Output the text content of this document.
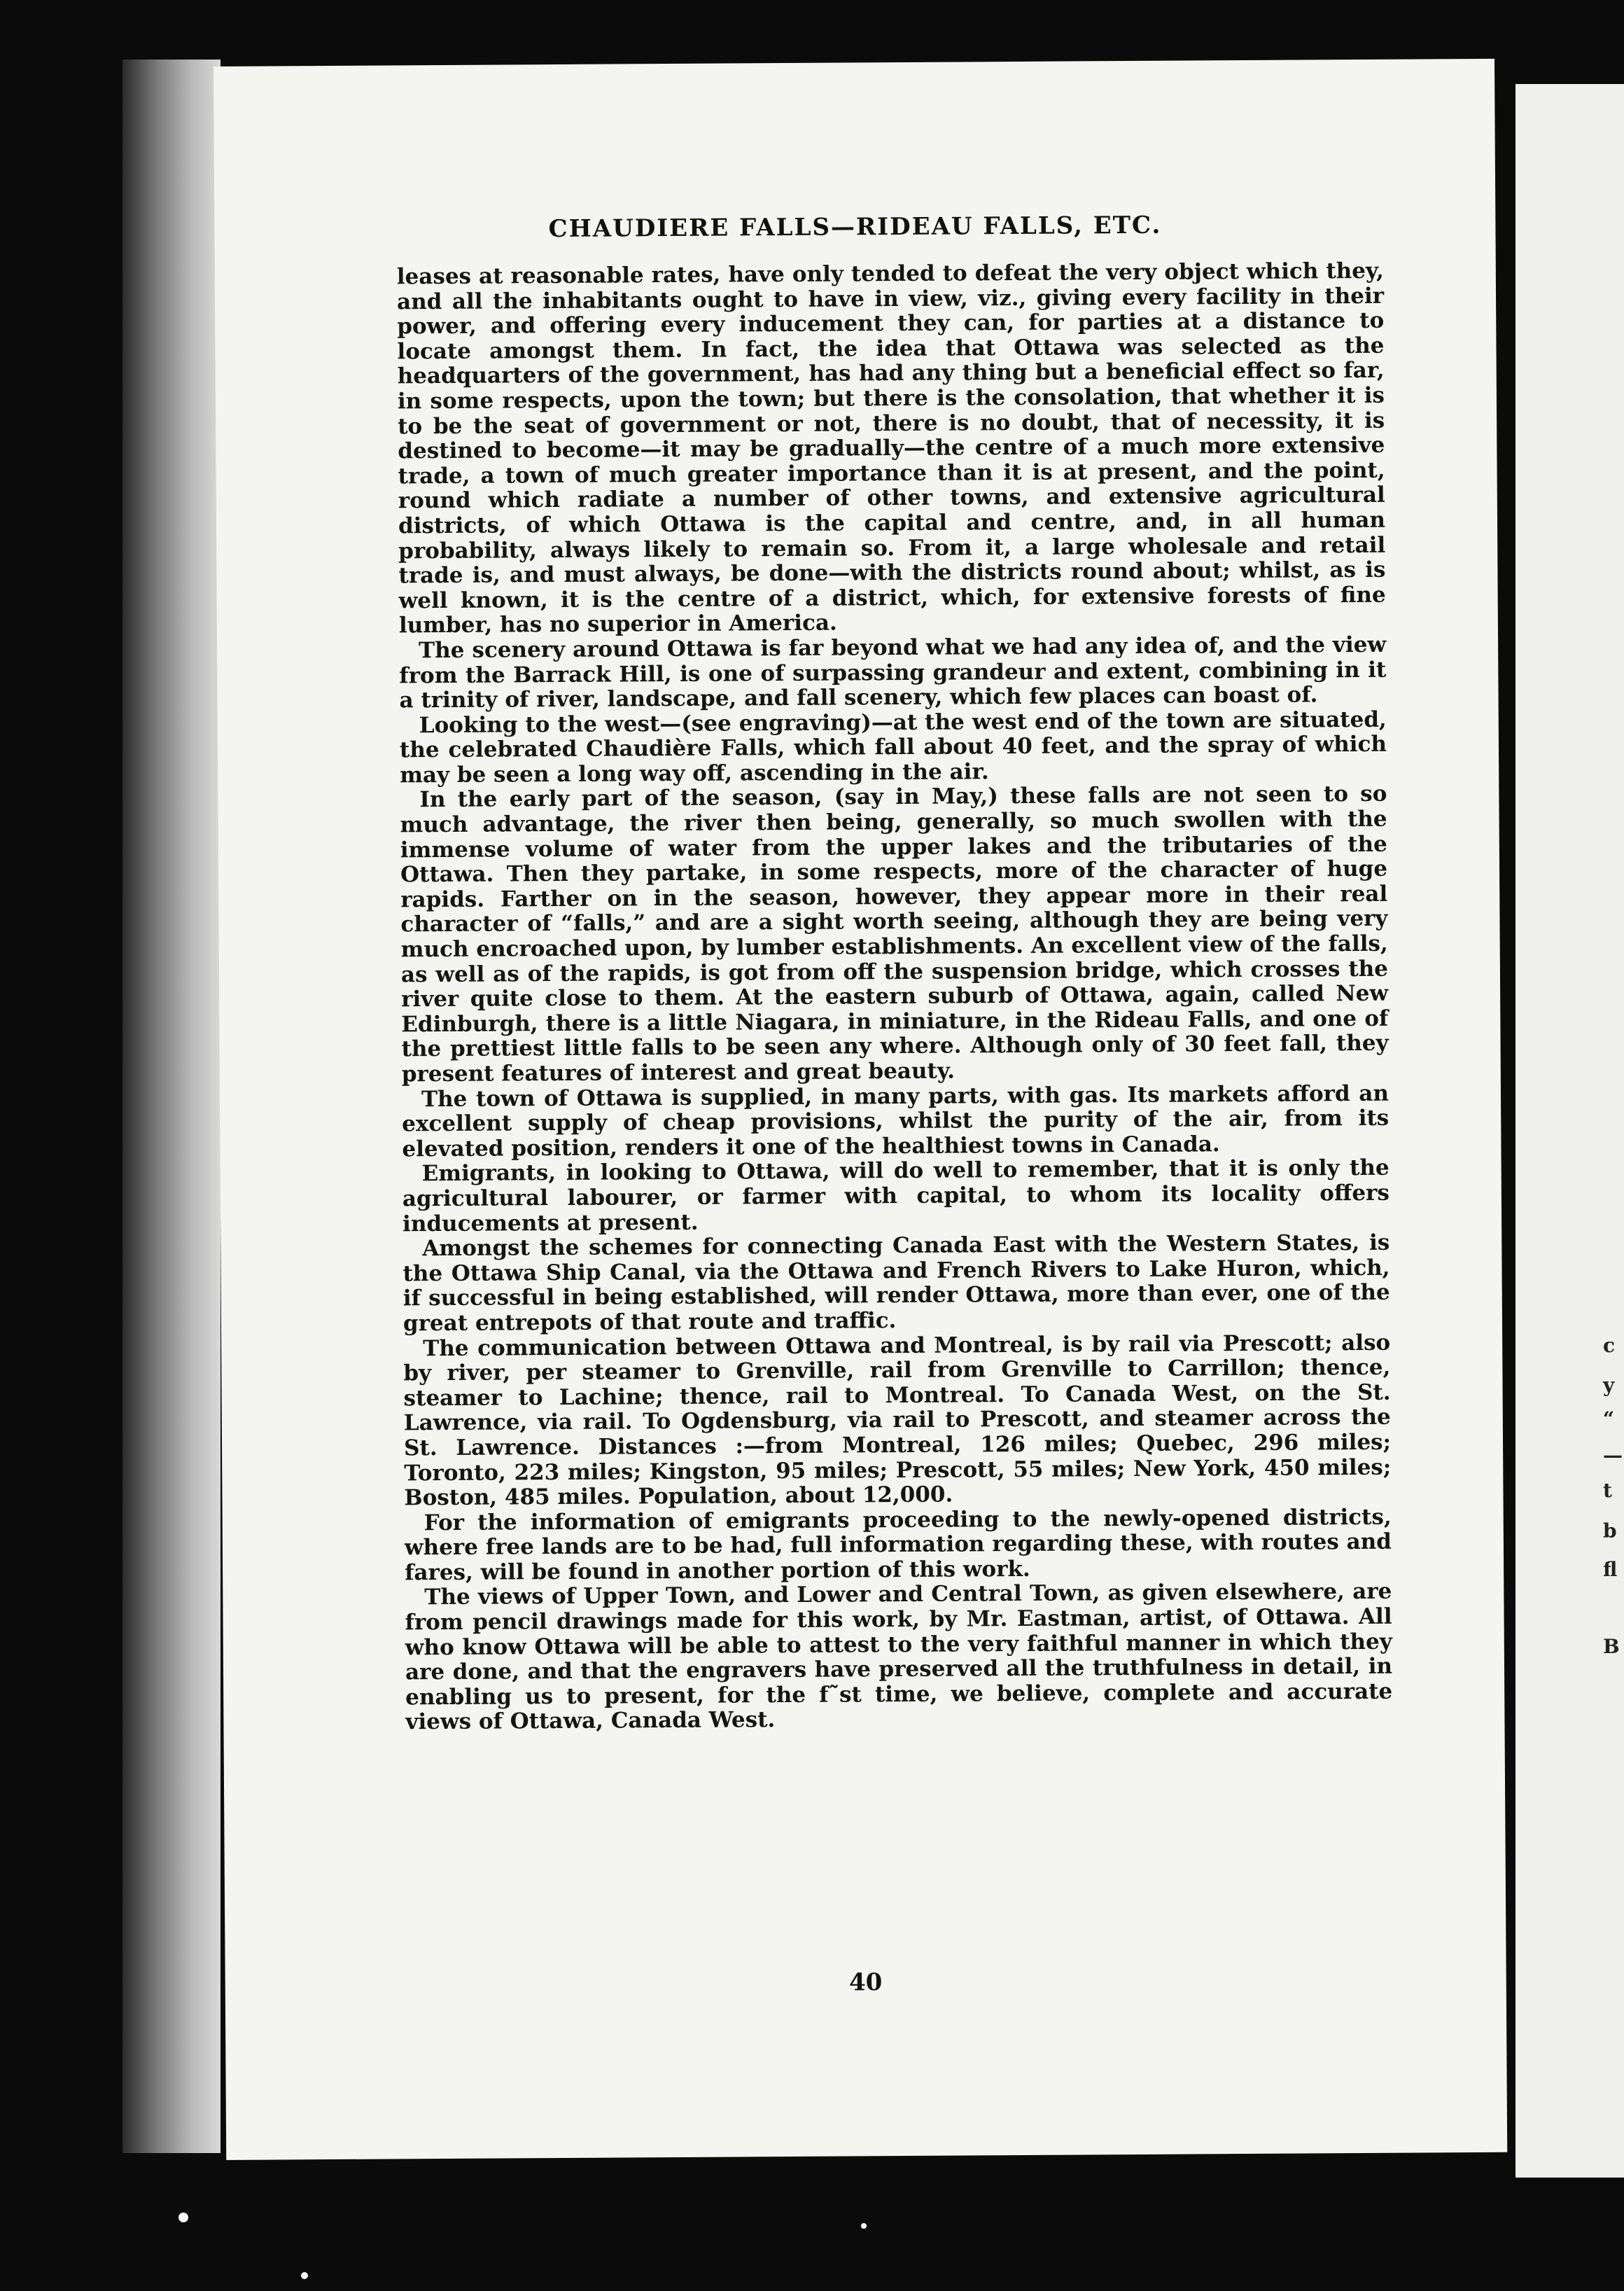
c
y
“
—
t
b
fl
B
CHAUDIERE FALLS—RIDEAU FALLS, ETC.

leases at reasonable rates, have only tended to defeat the very object which they, and all the inhabitants ought to have in view, viz., giving every facility in their power, and offering every inducement they can, for parties at a distance to locate amongst them. In fact, the idea that Ottawa was selected as the headquarters of the government, has had any thing but a beneficial effect so far, in some respects, upon the town; but there is the consolation, that whether it is to be the seat of government or not, there is no doubt, that of necessity, it is destined to become—it may be gradually—the centre of a much more extensive trade, a town of much greater importance than it is at present, and the point, round which radiate a number of other towns, and extensive agricultural districts, of which Ottawa is the capital and centre, and, in all human probability, always likely to remain so. From it, a large wholesale and retail trade is, and must always, be done—with the districts round about; whilst, as is well known, it is the centre of a district, which, for extensive forests of fine lumber, has no superior in America.

The scenery around Ottawa is far beyond what we had any idea of, and the view from the Barrack Hill, is one of surpassing grandeur and extent, combining in it a trinity of river, landscape, and fall scenery, which few places can boast of.

Looking to the west—(see engraving)—at the west end of the town are situated, the celebrated Chaudière Falls, which fall about 40 feet, and the spray of which may be seen a long way off, ascending in the air.

In the early part of the season, (say in May,) these falls are not seen to so much advantage, the river then being, generally, so much swollen with the immense volume of water from the upper lakes and the tributaries of the Ottawa. Then they partake, in some respects, more of the character of huge rapids. Farther on in the season, however, they appear more in their real character of “falls,” and are a sight worth seeing, although they are being very much encroached upon, by lumber establishments. An excellent view of the falls, as well as of the rapids, is got from off the suspension bridge, which crosses the river quite close to them. At the eastern suburb of Ottawa, again, called New Edinburgh, there is a little Niagara, in miniature, in the Rideau Falls, and one of the prettiest little falls to be seen any where. Although only of 30 feet fall, they present features of interest and great beauty.

The town of Ottawa is supplied, in many parts, with gas. Its markets afford an excellent supply of cheap provisions, whilst the purity of the air, from its elevated position, renders it one of the healthiest towns in Canada.

Emigrants, in looking to Ottawa, will do well to remember, that it is only the agricultural labourer, or farmer with capital, to whom its locality offers inducements at present.

Amongst the schemes for connecting Canada East with the Western States, is the Ottawa Ship Canal, via the Ottawa and French Rivers to Lake Huron, which, if successful in being established, will render Ottawa, more than ever, one of the great entrepots of that route and traffic.

The communication between Ottawa and Montreal, is by rail via Prescott; also by river, per steamer to Grenville, rail from Grenville to Carrillon; thence, steamer to Lachine; thence, rail to Montreal. To Canada West, on the St. Lawrence, via rail. To Ogdensburg, via rail to Prescott, and steamer across the St. Lawrence. Distances :—from Montreal, 126 miles; Quebec, 296 miles; Toronto, 223 miles; Kingston, 95 miles; Prescott, 55 miles; New York, 450 miles; Boston, 485 miles. Population, about 12,000.

For the information of emigrants proceeding to the newly-opened districts, where free lands are to be had, full information regarding these, with routes and fares, will be found in another portion of this work.

The views of Upper Town, and Lower and Central Town, as given elsewhere, are from pencil drawings made for this work, by Mr. Eastman, artist, of Ottawa. All who know Ottawa will be able to attest to the very faithful manner in which they are done, and that the engravers have preserved all the truthfulness in detail, in enabling us to present, for the f˜st time, we believe, complete and accurate views of Ottawa, Canada West.

40
